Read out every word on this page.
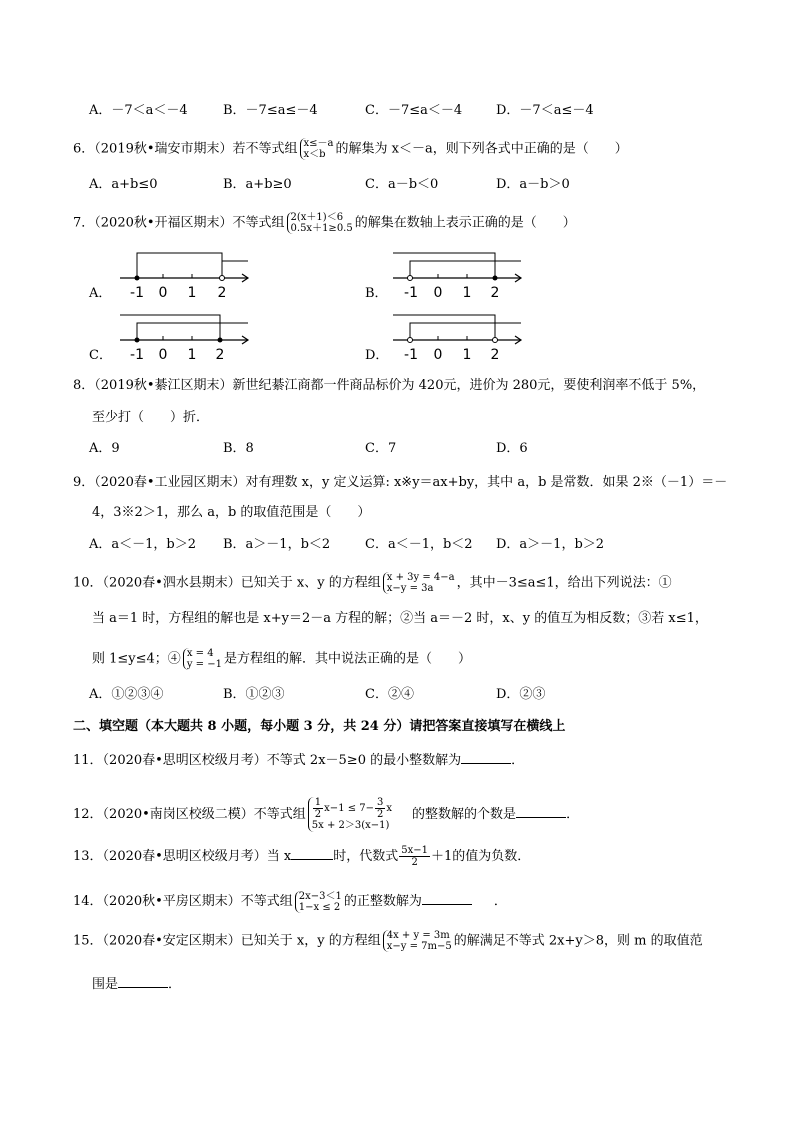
A．－7＜a＜－4	B．－7≤a≤－4	C．－7≤a＜－4	D．－7＜a≤－4
6．（2019秋•瑞安市期末）若不等式组 x≤－a
x＜b 的解集为 x＜－a，则下列各式中正确的是（　　）
A．a+b≤0	B．a+b≥0	C．a－b＜0	D．a－b＞0
7．（2020秋•开福区期末）不等式组 2(x＋1)＜6
0.5x＋1≥0.5 的解集在数轴上表示正确的是（　　）
A． -1 0 1 2	B． -1 0 1 2
C． -1 0 1 2	D． -1 0 1 2
8．（2019秋•綦江区期末）新世纪綦江商都一件商品标价为 420元，进价为 280元，要使利润率不低于 5%，
至少打（　　）折．
A．9	B．8	C．7	D．6
9．（2020春•工业园区期末）对有理数 x，y 定义运算: x※y＝ax+by，其中 a，b 是常数．如果 2※（－1）＝－
4，3※2＞1，那么 a，b 的取值范围是（　　）
A．a＜－1，b＞2 B．a＞－1，b＜2	C．a＜－1，b＜2 D．a＞－1，b＞2
10．（2020春•泗水县期末）已知关于 x、y 的方程组 x + 3y = 4−a
x−y = 3a	，其中－3≤a≤1，给出下列说法：①
当 a＝1 时，方程组的解也是 x+y＝2－a 方程的解；②当 a＝－2 时，x、y 的值互为相反数；③若 x≤1，
则 1≤y≤4；④ x = 4
y = −1 是方程组的解．其中说法正确的是（　　）
A．①②③④	B．①②③	C．②④	D．②③
二、填空题（本大题共 8 小题，每小题 3 分，共 24 分）请把答案直接填写在横线上
11．（2020春•思明区校级月考）不等式 2x－5≥0 的最小整数解为	．
12．（2020•南岗区校级二模）不等式组 $\frac{1}{2} x-1 \le 7- \frac{3}{2}$ x
5x + 2＞3(x−1)
的整数解的个数是	．
13．（2020春•思明区校级月考）当 x	时，代数式 $\frac{5x-1}{2} +1$的值为负数．
14．（2020秋•平房区期末）不等式组 2x−3＜1
1−x ≤ 2 的正整数解为	．
15．（2020春•安定区期末）已知关于 x，y 的方程组 4x + y = 3m
x−y = 7m−5 的解满足不等式 2x+y＞8，则 m 的取值范
围是	．
